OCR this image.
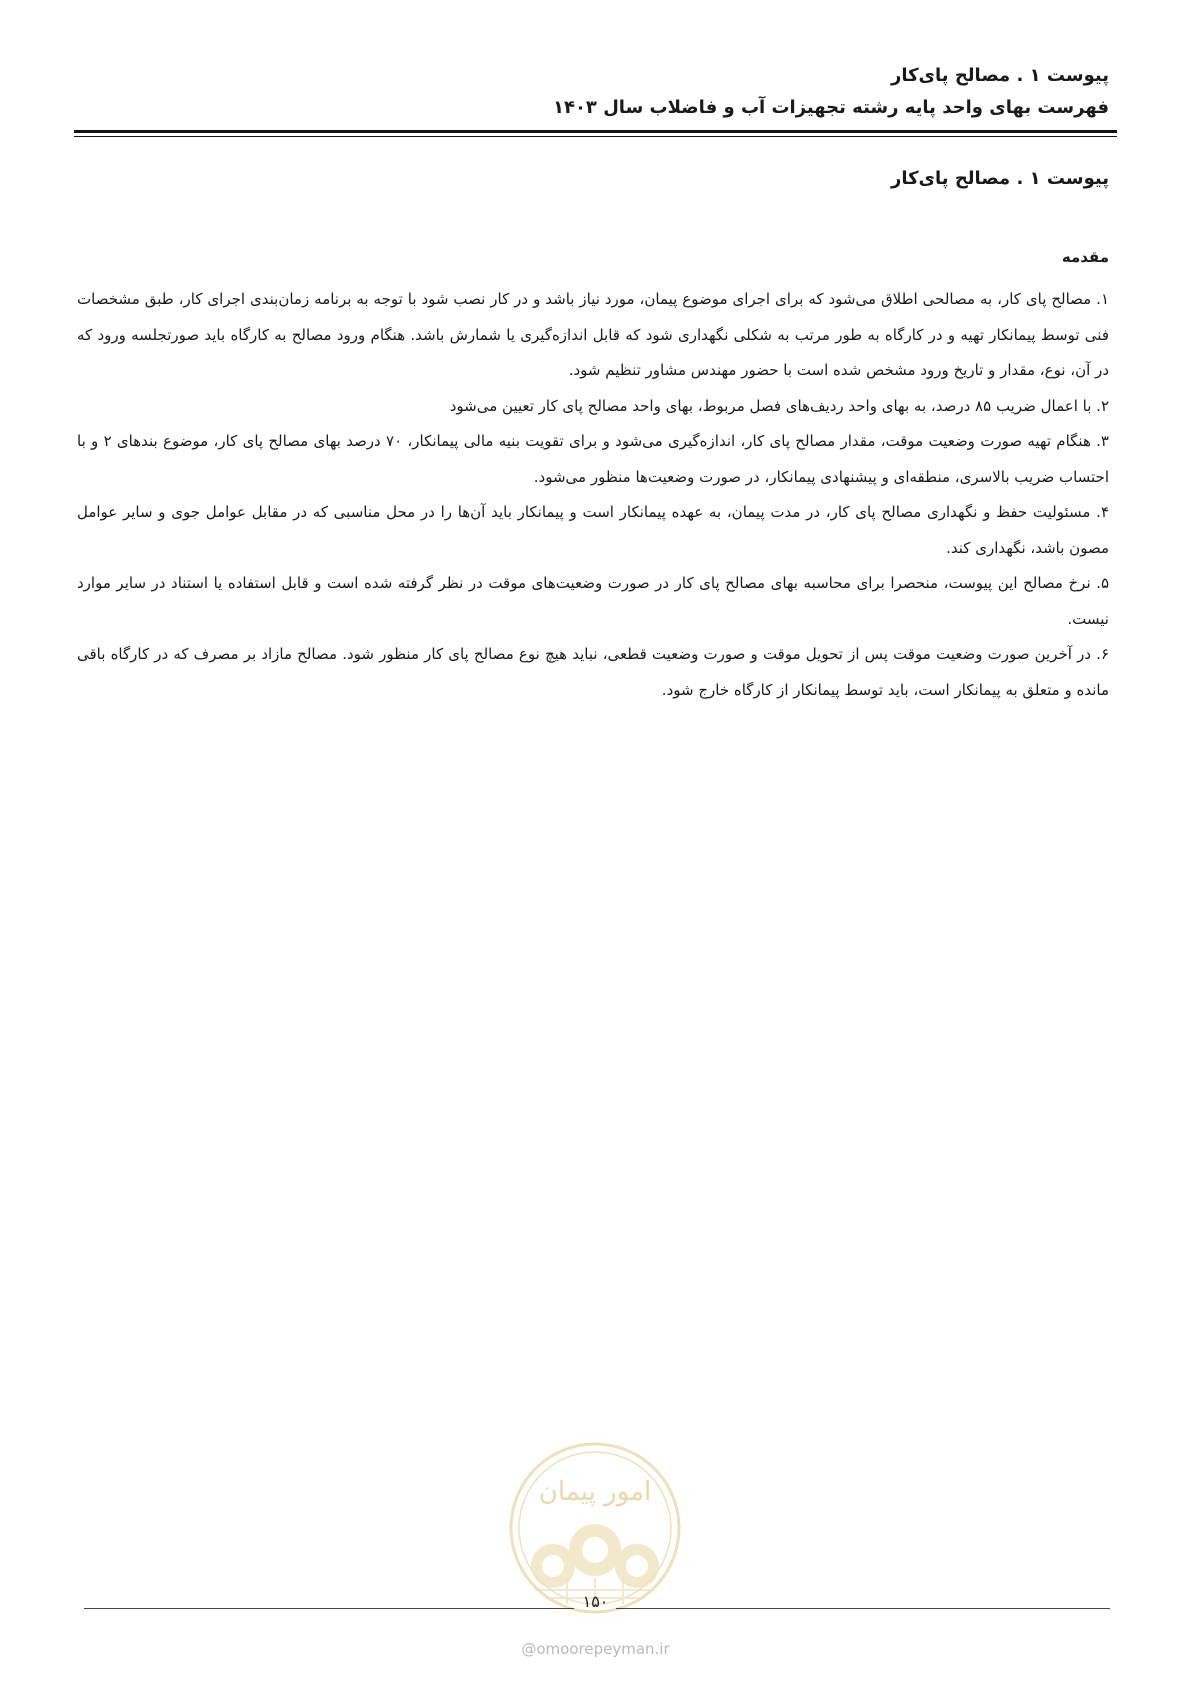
پیوست ۱ . مصالح پای‌کار

فهرست بهای واحد پایه رشته تجهیزات آب و فاضلاب سال ۱۴۰۳

پیوست ۱ . مصالح پای‌کار
مقدمه

۱. مصالح پای کار، به مصالحی اطلاق می‌شود که برای اجرای موضوع پیمان، مورد نیاز باشد و در کار نصب شود با توجه به برنامه زمان‌بندی اجرای کار، طبق مشخصات فنی توسط پیمانکار تهیه و در کارگاه به طور مرتب به شکلی نگهداری شود که قابل اندازه‌گیری یا شمارش باشد. هنگام ورود مصالح به کارگاه باید صورتجلسه ورود که در آن، نوع، مقدار و تاریخ ورود مشخص شده است با حضور مهندس مشاور تنظیم شود.

۲. با اعمال ضریب ۸۵ درصد، به بهای واحد ردیف‌های فصل مربوط، بهای واحد مصالح پای کار تعیین می‌شود

۳. هنگام تهیه صورت وضعیت موقت، مقدار مصالح پای کار، اندازه‌گیری می‌شود و برای تقویت بنیه مالی پیمانکار، ۷۰ درصد بهای مصالح پای کار، موضوع بندهای ۲ و با احتساب ضریب بالاسری، منطقه‌ای و پیشنهادی پیمانکار، در صورت وضعیت‌ها منظور می‌شود.

۴. مسئولیت حفظ و نگهداری مصالح پای کار، در مدت پیمان، به عهده پیمانکار است و پیمانکار باید آن‌ها را در محل مناسبی که در مقابل عوامل جوی و سایر عوامل مصون باشد، نگهداری کند.

۵. نرخ مصالح این پیوست، منحصرا برای محاسبه بهای مصالح پای کار در صورت وضعیت‌های موقت در نظر گرفته شده است و قابل استفاده یا استناد در سایر موارد نیست.

۶. در آخرین صورت وضعیت موقت پس از تحویل موقت و صورت وضعیت قطعی، نباید هیچ نوع مصالح پای کار منظور شود. مصالح مازاد بر مصرف که در کارگاه باقی مانده و متعلق به پیمانکار است، باید توسط پیمانکار از کارگاه خارج شود.

امور پیمان
۱۵۰
@omoorepeyman.ir
